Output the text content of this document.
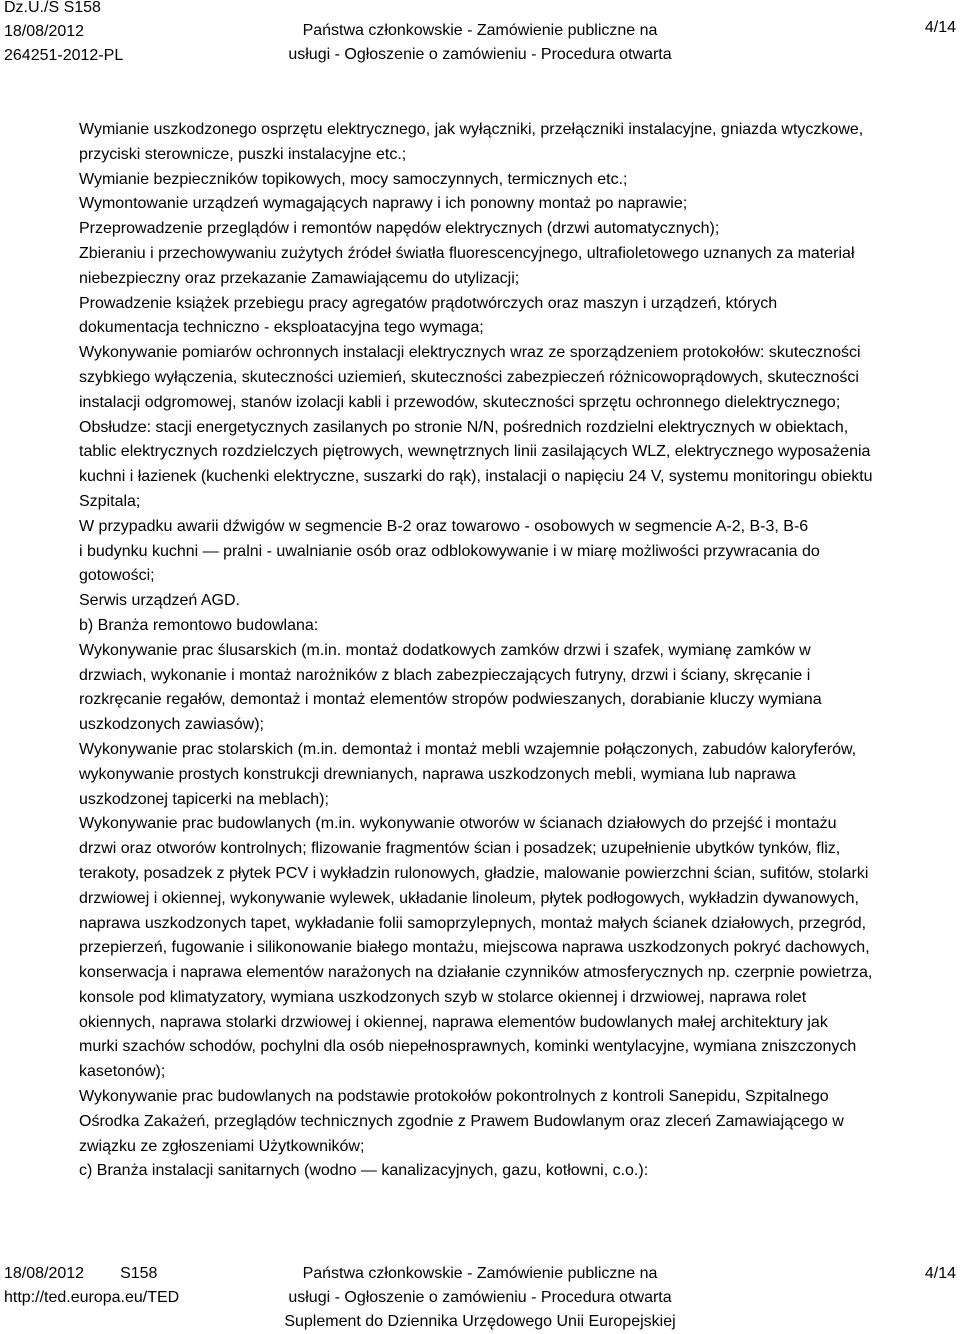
Dz.U./S S158
18/08/2012
264251-2012-PL
Państwa członkowskie - Zamówienie publiczne na
usługi - Ogłoszenie o zamówieniu - Procedura otwarta
4/14
Wymianie uszkodzonego osprzętu elektrycznego, jak wyłączniki, przełączniki instalacyjne, gniazda wtyczkowe,
przyciski sterownicze, puszki instalacyjne etc.;
Wymianie bezpieczników topikowych, mocy samoczynnych, termicznych etc.;
Wymontowanie urządzeń wymagających naprawy i ich ponowny montaż po naprawie;
Przeprowadzenie przeglądów i remontów napędów elektrycznych (drzwi automatycznych);
Zbieraniu i przechowywaniu zużytych źródeł światła fluorescencyjnego, ultrafioletowego uznanych za materiał
niebezpieczny oraz przekazanie Zamawiającemu do utylizacji;
Prowadzenie książek przebiegu pracy agregatów prądotwórczych oraz maszyn i urządzeń, których
dokumentacja techniczno - eksploatacyjna tego wymaga;
Wykonywanie pomiarów ochronnych instalacji elektrycznych wraz ze sporządzeniem protokołów: skuteczności
szybkiego wyłączenia, skuteczności uziemień, skuteczności zabezpieczeń różnicowoprądowych, skuteczności
instalacji odgromowej, stanów izolacji kabli i przewodów, skuteczności sprzętu ochronnego dielektrycznego;
Obsłudze: stacji energetycznych zasilanych po stronie N/N, pośrednich rozdzielni elektrycznych w obiektach,
tablic elektrycznych rozdzielczych piętrowych, wewnętrznych linii zasilających WLZ, elektrycznego wyposażenia
kuchni i łazienek (kuchenki elektryczne, suszarki do rąk), instalacji o napięciu 24 V, systemu monitoringu obiektu
Szpitala;
W przypadku awarii dźwigów w segmencie B-2 oraz towarowo - osobowych w segmencie A-2, B-3, B-6
i budynku kuchni — pralni - uwalnianie osób oraz odblokowywanie i w miarę możliwości przywracania do
gotowości;
Serwis urządzeń AGD.
b) Branża remontowo budowlana:
Wykonywanie prac ślusarskich (m.in. montaż dodatkowych zamków drzwi i szafek, wymianę zamków w
drzwiach, wykonanie i montaż narożników z blach zabezpieczających futryny, drzwi i ściany, skręcanie i
rozkręcanie regałów, demontaż i montaż elementów stropów podwieszanych, dorabianie kluczy wymiana
uszkodzonych zawiasów);
Wykonywanie prac stolarskich (m.in. demontaż i montaż mebli wzajemnie połączonych, zabudów kaloryferów,
wykonywanie prostych konstrukcji drewnianych, naprawa uszkodzonych mebli, wymiana lub naprawa
uszkodzonej tapicerki na meblach);
Wykonywanie prac budowlanych (m.in. wykonywanie otworów w ścianach działowych do przejść i montażu
drzwi oraz otworów kontrolnych; flizowanie fragmentów ścian i posadzek; uzupełnienie ubytków tynków, fliz,
terakoty, posadzek z płytek PCV i wykładzin rulonowych, gładzie, malowanie powierzchni ścian, sufitów, stolarki
drzwiowej i okiennej, wykonywanie wylewek, układanie linoleum, płytek podłogowych, wykładzin dywanowych,
naprawa uszkodzonych tapet, wykładanie folii samoprzylepnych, montaż małych ścianek działowych, przegród,
przepierzeń, fugowanie i silikonowanie białego montażu, miejscowa naprawa uszkodzonych pokryć dachowych,
konserwacja i naprawa elementów narażonych na działanie czynników atmosferycznych np. czerpnie powietrza,
konsole pod klimatyzatory, wymiana uszkodzonych szyb w stolarce okiennej i drzwiowej, naprawa rolet
okiennych, naprawa stolarki drzwiowej i okiennej, naprawa elementów budowlanych małej architektury jak
murki szachów schodów, pochylni dla osób niepełnosprawnych, kominki wentylacyjne, wymiana zniszczonych
kasetonów);
Wykonywanie prac budowlanych na podstawie protokołów pokontrolnych z kontroli Sanepidu, Szpitalnego
Ośrodka Zakażeń, przeglądów technicznych zgodnie z Prawem Budowlanym oraz zleceń Zamawiającego w
związku ze zgłoszeniami Użytkowników;
c) Branża instalacji sanitarnych (wodno — kanalizacyjnych, gazu, kotłowni, c.o.):
18/08/2012 S158
http://ted.europa.eu/TED
Państwa członkowskie - Zamówienie publiczne na
usługi - Ogłoszenie o zamówieniu - Procedura otwarta
Suplement do Dziennika Urzędowego Unii Europejskiej
4/14
